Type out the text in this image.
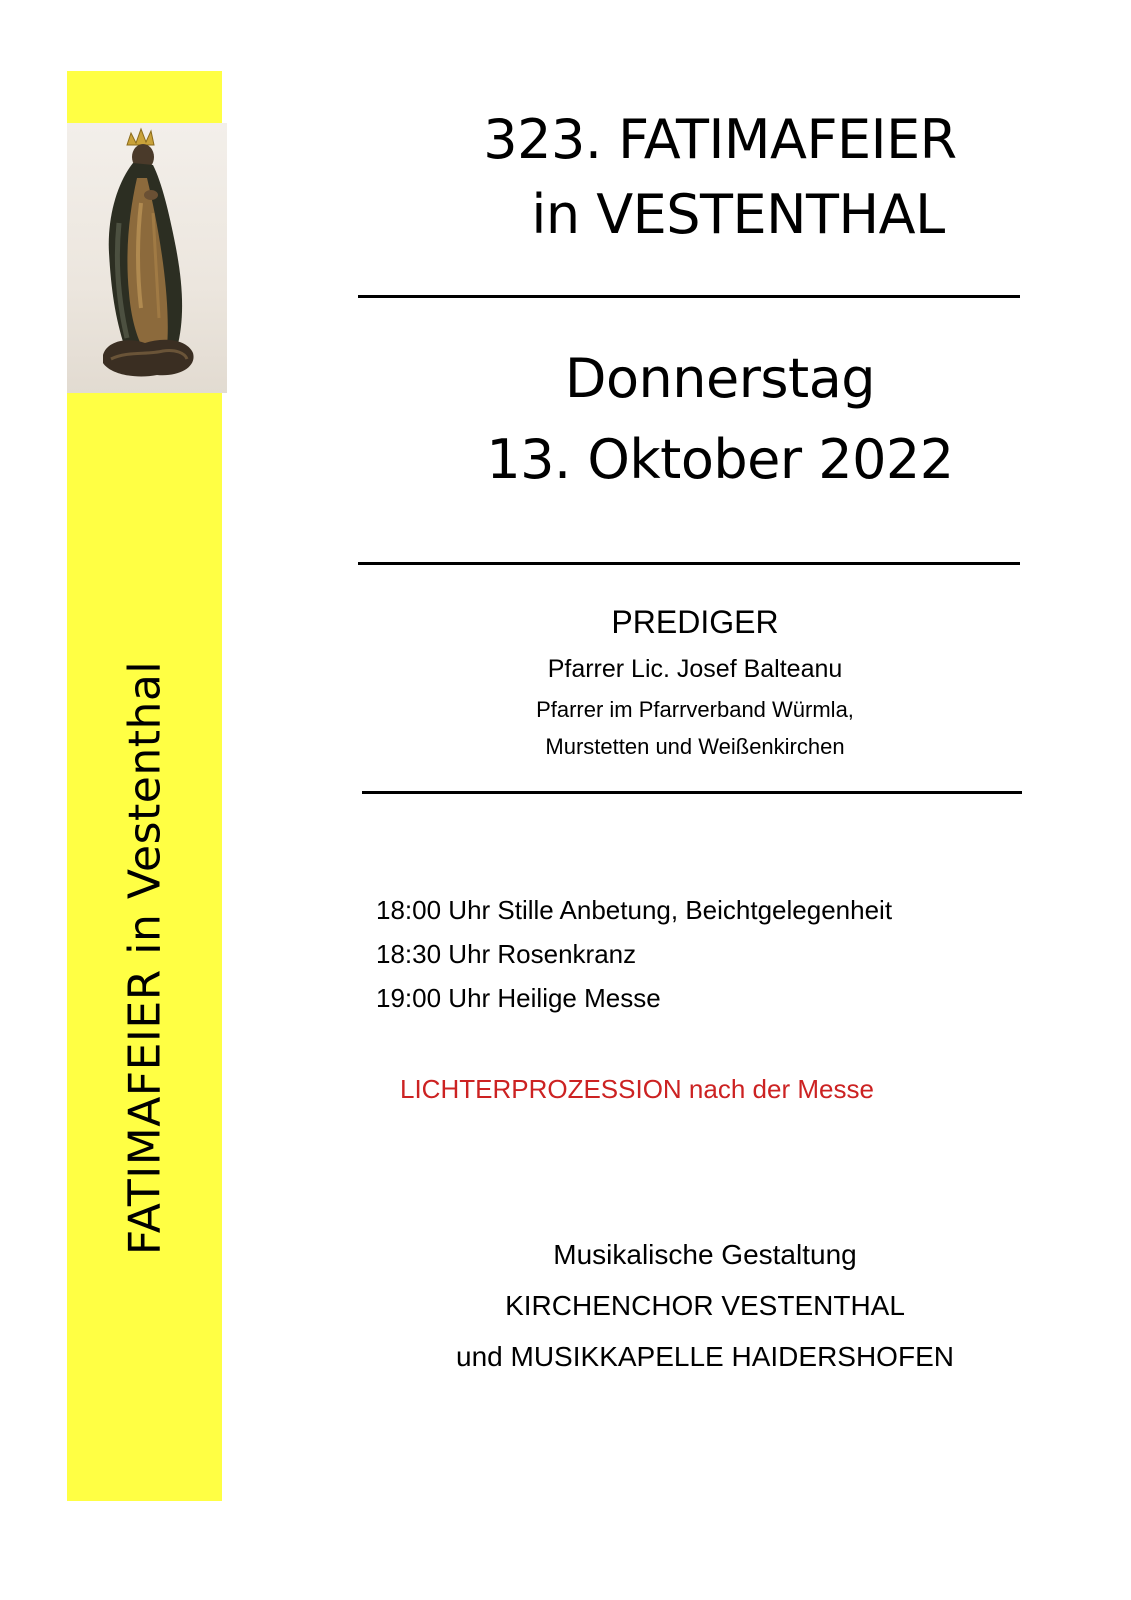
FATIMAFEIER in Vestenthal
323. FATIMAFEIER
in VESTENTHAL
Donnerstag
13. Oktober 2022
PREDIGER
Pfarrer Lic. Josef Balteanu
Pfarrer im Pfarrverband Würmla,
Murstetten und Weißenkirchen
18:00 Uhr Stille Anbetung, Beichtgelegenheit
18:30 Uhr Rosenkranz
19:00 Uhr Heilige Messe
LICHTERPROZESSION nach der Messe
Musikalische Gestaltung
KIRCHENCHOR VESTENTHAL
und MUSIKKAPELLE HAIDERSHOFEN
